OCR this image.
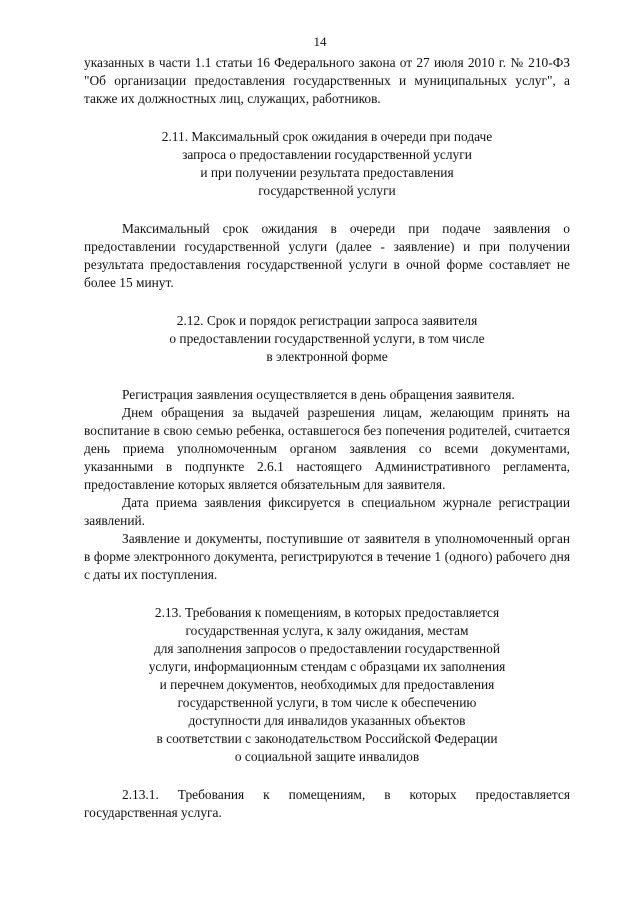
14

указанных в части 1.1 статьи 16 Федерального закона от 27 июля 2010 г. № 210-ФЗ "Об организации предоставления государственных и муниципальных услуг", а также их должностных лиц, служащих, работников.

2.11. Максимальный срок ожидания в очереди при подаче
запроса о предоставлении государственной услуги
и при получении результата предоставления
государственной услуги

Максимальный срок ожидания в очереди при подаче заявления о предоставлении государственной услуги (далее - заявление) и при получении результата предоставления государственной услуги в очной форме составляет не более 15 минут.

2.12. Срок и порядок регистрации запроса заявителя
о предоставлении государственной услуги, в том числе
в электронной форме

Регистрация заявления осуществляется в день обращения заявителя.

Днем обращения за выдачей разрешения лицам, желающим принять на воспитание в свою семью ребенка, оставшегося без попечения родителей, считается день приема уполномоченным органом заявления со всеми документами, указанными в подпункте 2.6.1 настоящего Административного регламента, предоставление которых является обязательным для заявителя.

Дата приема заявления фиксируется в специальном журнале регистрации заявлений.

Заявление и документы, поступившие от заявителя в уполномоченный орган в форме электронного документа, регистрируются в течение 1 (одного) рабочего дня с даты их поступления.

2.13. Требования к помещениям, в которых предоставляется
государственная услуга, к залу ожидания, местам
для заполнения запросов о предоставлении государственной
услуги, информационным стендам с образцами их заполнения
и перечнем документов, необходимых для предоставления
государственной услуги, в том числе к обеспечению
доступности для инвалидов указанных объектов
в соответствии с законодательством Российской Федерации
о социальной защите инвалидов

2.13.1. Требования к помещениям, в которых предоставляется государственная услуга.
